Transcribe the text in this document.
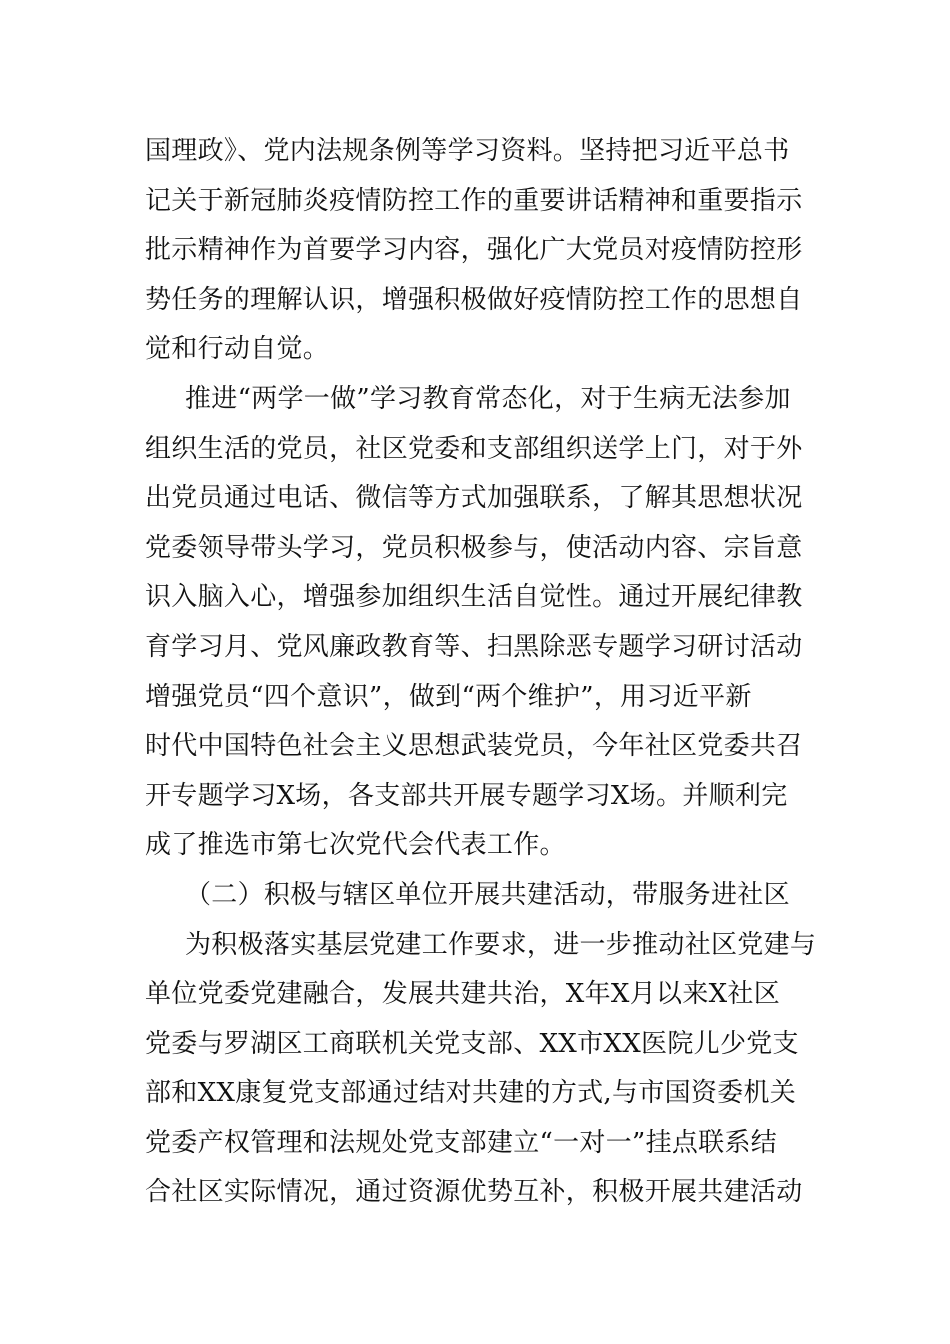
国理政》、党内法规条例等学习资料。坚持把习近平总书
记关于新冠肺炎疫情防控工作的重要讲话精神和重要指示
批示精神作为首要学习内容，强化广大党员对疫情防控形
势任务的理解认识，增强积极做好疫情防控工作的思想自
觉和行动自觉。
推进“两学一做”学习教育常态化，对于生病无法参加
组织生活的党员，社区党委和支部组织送学上门，对于外
出党员通过电话、微信等方式加强联系，了解其思想状况
党委领导带头学习，党员积极参与，使活动内容、宗旨意
识入脑入心，增强参加组织生活自觉性。通过开展纪律教
育学习月、党风廉政教育等、扫黑除恶专题学习研讨活动
增强党员“四个意识”，做到“两个维护”，用习近平新
时代中国特色社会主义思想武装党员，今年社区党委共召
开专题学习X场，各支部共开展专题学习X场。并顺利完
成了推选市第七次党代会代表工作。
（二）积极与辖区单位开展共建活动，带服务进社区
为积极落实基层党建工作要求，进一步推动社区党建与
单位党委党建融合，发展共建共治，X年X月以来X社区
党委与罗湖区工商联机关党支部、XX市XX医院儿少党支
部和XX康复党支部通过结对共建的方式,与市国资委机关
党委产权管理和法规处党支部建立“一对一”挂点联系结
合社区实际情况，通过资源优势互补，积极开展共建活动
